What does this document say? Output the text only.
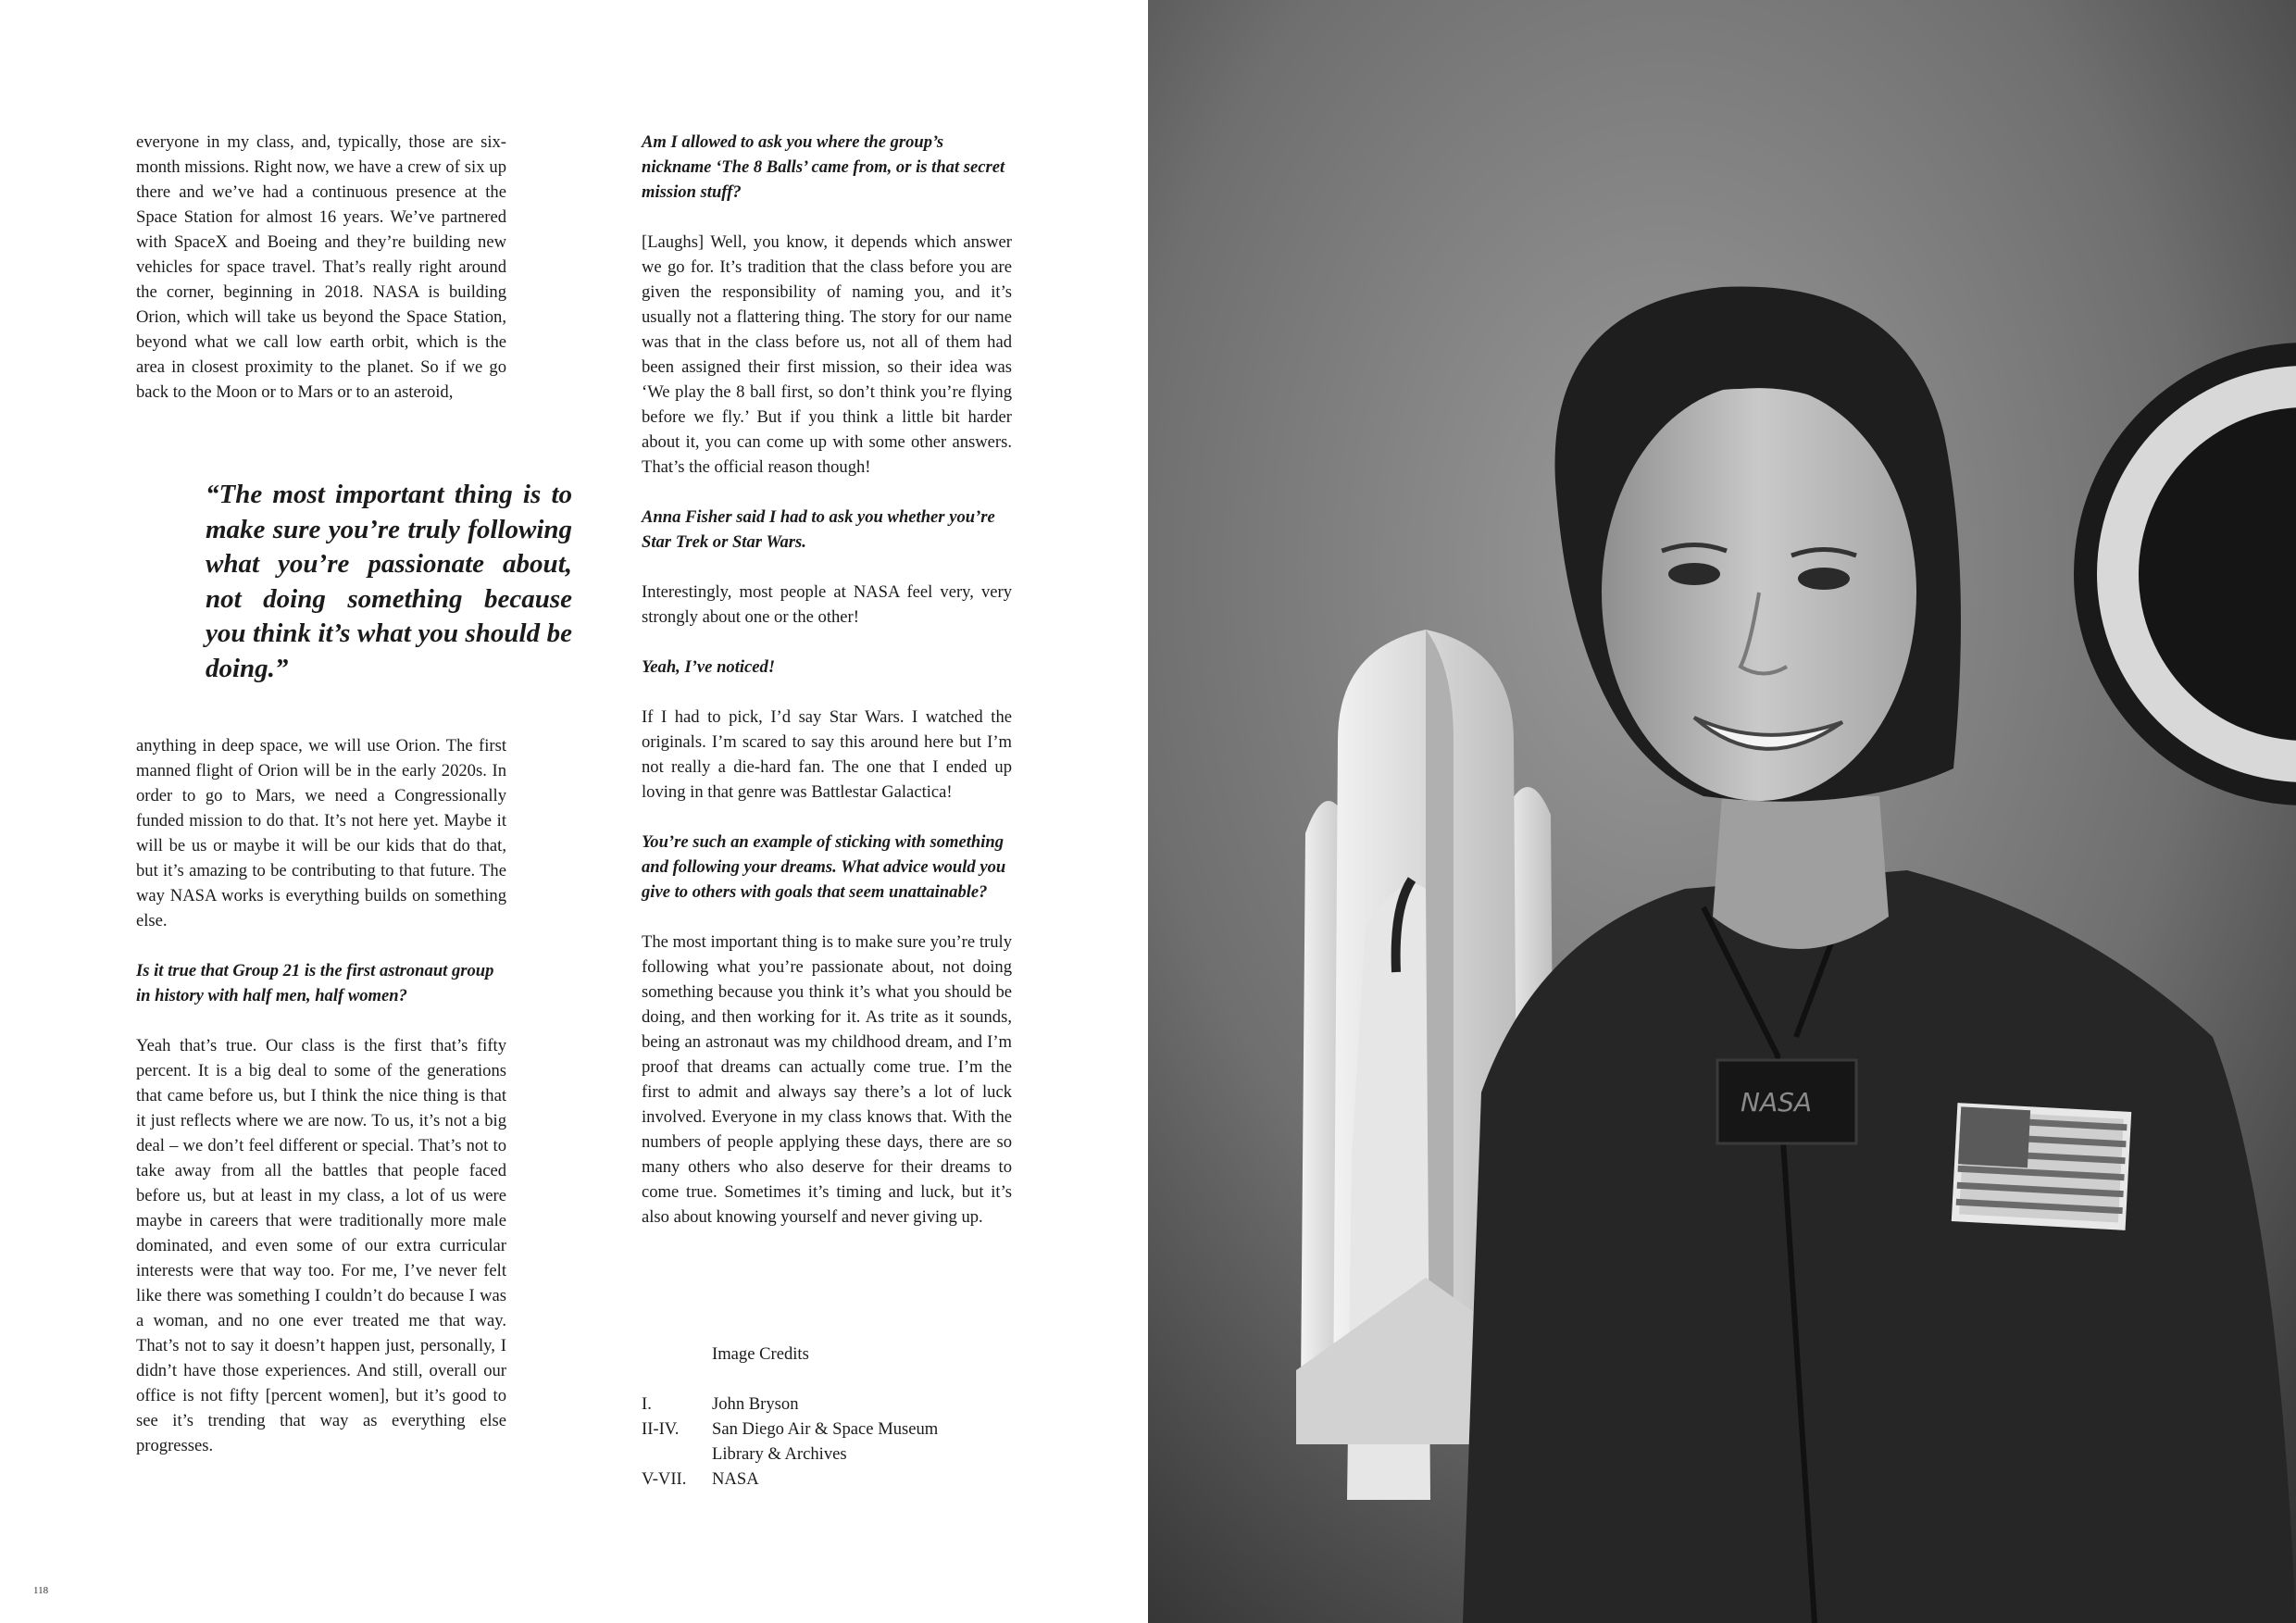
everyone in my class, and, typically, those are six-month missions. Right now, we have a crew of six up there and we’ve had a continuous presence at the Space Station for almost 16 years. We’ve partnered with SpaceX and Boeing and they’re building new vehicles for space travel. That’s really right around the corner, beginning in 2018. NASA is building Orion, which will take us beyond the Space Station, beyond what we call low earth orbit, which is the area in closest proximity to the planet. So if we go back to the Moon or to Mars or to an asteroid,

“The most important thing is to make sure you’re truly following what you’re passionate about, not doing something because you think it’s what you should be doing.”

anything in deep space, we will use Orion. The first manned flight of Orion will be in the early 2020s. In order to go to Mars, we need a Congressionally funded mission to do that. It’s not here yet. Maybe it will be us or maybe it will be our kids that do that, but it’s amazing to be contributing to that future. The way NASA works is everything builds on something else.

Is it true that Group 21 is the first astronaut group in history with half men, half women?

Yeah that’s true. Our class is the first that’s fifty percent. It is a big deal to some of the generations that came before us, but I think the nice thing is that it just reflects where we are now. To us, it’s not a big deal – we don’t feel different or special. That’s not to take away from all the battles that people faced before us, but at least in my class, a lot of us were maybe in careers that were traditionally more male dominated, and even some of our extra curricular interests were that way too. For me, I’ve never felt like there was something I couldn’t do because I was a woman, and no one ever treated me that way. That’s not to say it doesn’t happen just, personally, I didn’t have those experiences. And still, overall our office is not fifty [percent women], but it’s good to see it’s trending that way as everything else progresses.

Am I allowed to ask you where the group’s nickname ‘The 8 Balls’ came from, or is that secret mission stuff?

[Laughs] Well, you know, it depends which answer we go for. It’s tradition that the class before you are given the responsibility of naming you, and it’s usually not a flattering thing. The story for our name was that in the class before us, not all of them had been assigned their first mission, so their idea was ‘We play the 8 ball first, so don’t think you’re flying before we fly.’ But if you think a little bit harder about it, you can come up with some other answers. That’s the official reason though!

Anna Fisher said I had to ask you whether you’re Star Trek or Star Wars.

Interestingly, most people at NASA feel very, very strongly about one or the other!

Yeah, I’ve noticed!

If I had to pick, I’d say Star Wars. I watched the originals. I’m scared to say this around here but I’m not really a die-hard fan. The one that I ended up loving in that genre was Battlestar Galactica!

You’re such an example of sticking with something and following your dreams. What advice would you give to others with goals that seem unattainable?

The most important thing is to make sure you’re truly following what you’re passionate about, not doing something because you think it’s what you should be doing, and then working for it. As trite as it sounds, being an astronaut was my childhood dream, and I’m proof that dreams can actually come true. I’m the first to admit and always say there’s a lot of luck involved. Everyone in my class knows that. With the numbers of people applying these days, there are so many others who also deserve for their dreams to come true. Sometimes it’s timing and luck, but it’s also about knowing yourself and never giving up.

Image Credits
I.	John Bryson
II-IV.	San Diego Air & Space Museum
Library & Archives
V-VII.	NASA
118
NASA
